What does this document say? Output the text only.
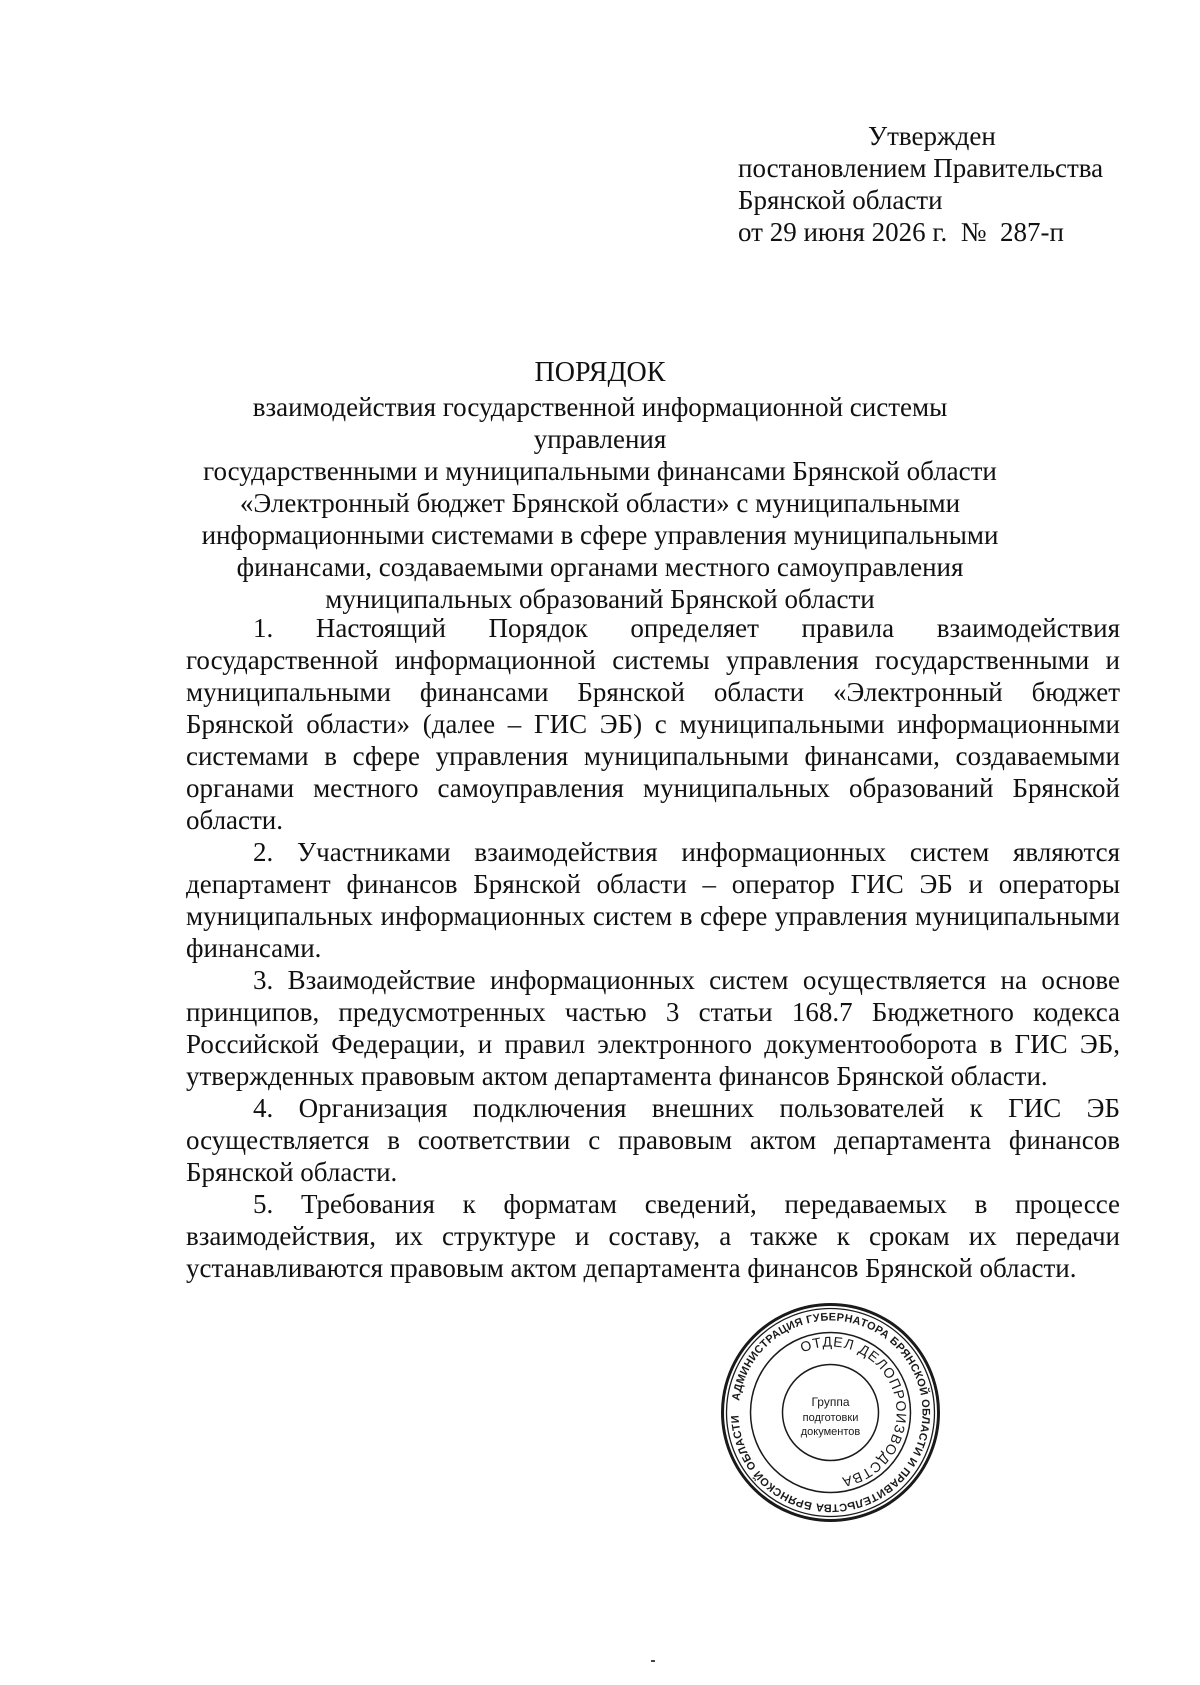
Утвержден
постановлением Правительства
Брянской области
от 29 июня 2026 г.  №  287-п
ПОРЯДОК
взаимодействия государственной информационной системы управления
государственными и муниципальными финансами Брянской области
«Электронный бюджет Брянской области» с муниципальными
информационными системами в сфере управления муниципальными
финансами, создаваемыми органами местного самоуправления
муниципальных образований Брянской области

1. Настоящий Порядок определяет правила взаимодействия государственной информационной системы управления государственными и муниципальными финансами Брянской области «Электронный бюджет Брянской области» (далее – ГИС ЭБ) с муниципальными информационными системами в сфере управления муниципальными финансами, создаваемыми органами местного самоуправления муниципальных образований Брянской области.

2. Участниками взаимодействия информационных систем являются департамент финансов Брянской области – оператор ГИС ЭБ и операторы муниципальных информационных систем в сфере управления муниципальными финансами.

3. Взаимодействие информационных систем осуществляется на основе принципов, предусмотренных частью 3 статьи 168.7 Бюджетного кодекса Российской Федерации, и правил электронного документооборота в ГИС ЭБ, утвержденных правовым актом департамента финансов Брянской области.

4. Организация подключения внешних пользователей к ГИС ЭБ осуществляется в соответствии с правовым актом департамента финансов Брянской области.

5. Требования к форматам сведений, передаваемых в процессе взаимодействия, их структуре и составу, а также к срокам их передачи устанавливаются правовым актом департамента финансов Брянской области.

АДМИНИСТРАЦИЯ ГУБЕРНАТОРА БРЯНСКОЙ ОБЛАСТИ И ПРАВИТЕЛЬСТВА БРЯНСКОЙ ОБЛАСТИ
ОТДЕЛ ДЕЛОПРОИЗВОДСТВА
Группа
подготовки
документов
